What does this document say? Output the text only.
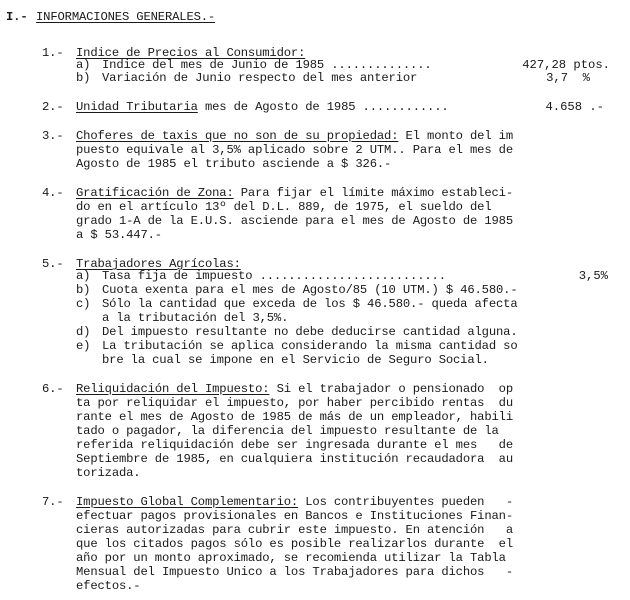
I.- INFORMACIONES GENERALES.-
1.- Indice de Precios al Consumidor:
a) Indice del mes de Junio de 1985 ..............	427,28 ptos.
b) Variación de Junio respecto del mes anterior	3,7  %
2.- Unidad Tributaria mes de Agosto de 1985 ............	4.658 .-
3.- Choferes de taxis que no son de su propiedad: El monto del im
puesto equivale al 3,5% aplicado sobre 2 UTM.. Para el mes de
Agosto de 1985 el tributo asciende a $ 326.-
4.- Gratificación de Zona: Para fijar el límite máximo estableci-
do en el artículo 13º del D.L. 889, de 1975, el sueldo del
grado 1-A de la E.U.S. asciende para el mes de Agosto de 1985
a $ 53.447.-
5.- Trabajadores Agrícolas:
a) Tasa fija de impuesto ..........................	3,5%
b) Cuota exenta para el mes de Agosto/85 (10 UTM.) $ 46.580.-
c) Sólo la cantidad que exceda de los $ 46.580.- queda afecta
a la tributación del 3,5%.
d) Del impuesto resultante no debe deducirse cantidad alguna.
e) La tributación se aplica considerando la misma cantidad so
bre la cual se impone en el Servicio de Seguro Social.
6.- Reliquidación del Impuesto: Si el trabajador o pensionado  op
ta por reliquidar el impuesto, por haber percibido rentas  du
rante el mes de Agosto de 1985 de más de un empleador, habili
tado o pagador, la diferencia del impuesto resultante de la
referida reliquidación debe ser ingresada durante el mes   de
Septiembre de 1985, en cualquiera institución recaudadora  au
torizada.
7.- Impuesto Global Complementario: Los contribuyentes pueden   -
efectuar pagos provisionales en Bancos e Instituciones Finan-
cieras autorizadas para cubrir este impuesto. En atención   a
que los citados pagos sólo es posible realizarlos durante  el
año por un monto aproximado, se recomienda utilizar la Tabla
Mensual del Impuesto Unico a los Trabajadores para dichos   -
efectos.-
